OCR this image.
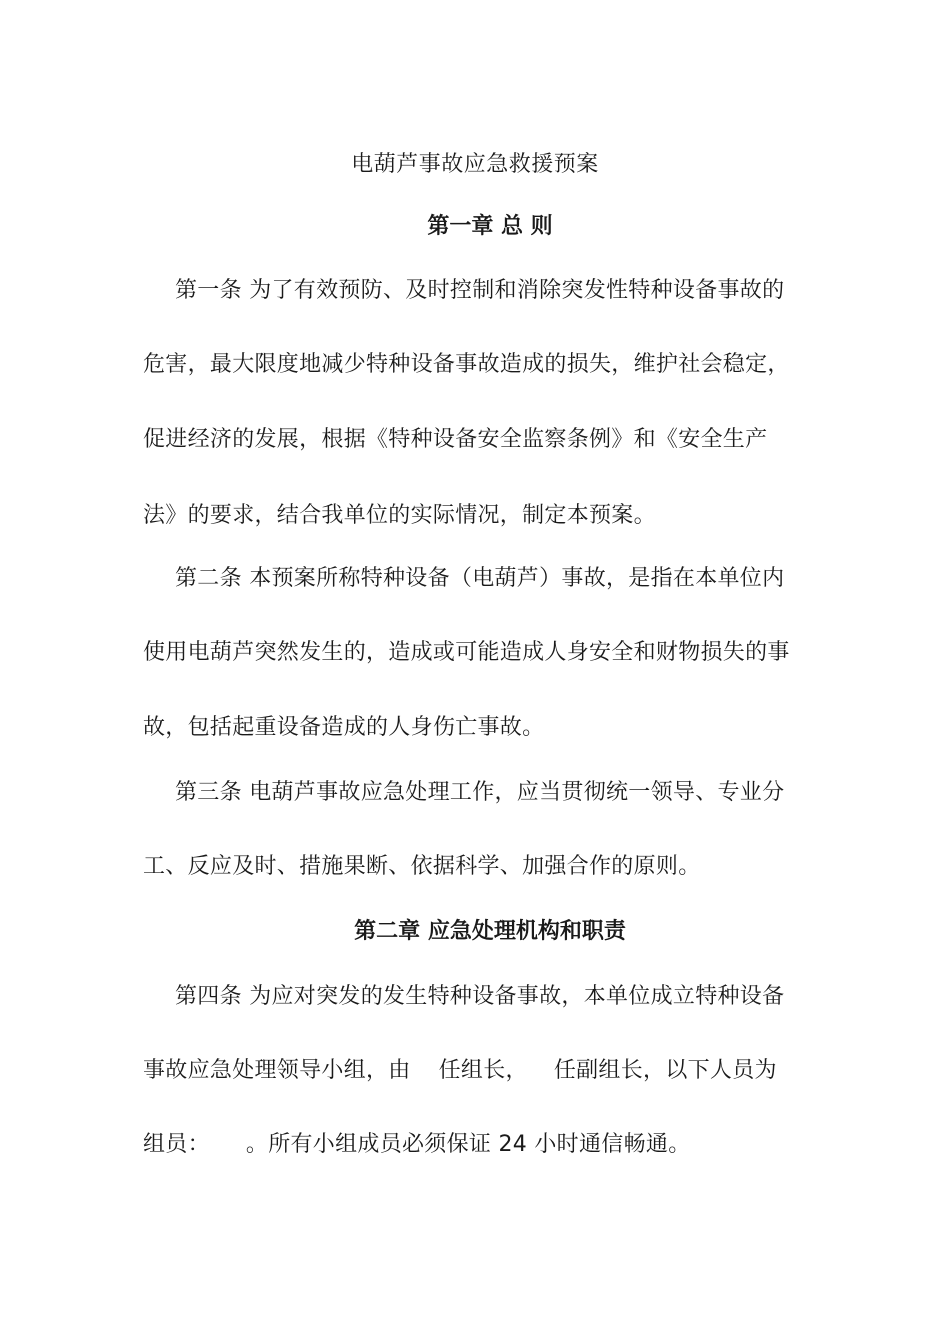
电葫芦事故应急救援预案
第一章 总 则
第一条 为了有效预防、及时控制和消除突发性特种设备事故的
危害，最大限度地减少特种设备事故造成的损失，维护社会稳定，
促进经济的发展，根据《特种设备安全监察条例》和《安全生产
法》的要求，结合我单位的实际情况，制定本预案。
第二条 本预案所称特种设备（电葫芦）事故，是指在本单位内
使用电葫芦突然发生的，造成或可能造成人身安全和财物损失的事
故，包括起重设备造成的人身伤亡事故。
第三条 电葫芦事故应急处理工作，应当贯彻统一领导、专业分
工、反应及时、措施果断、依据科学、加强合作的原则。
第二章 应急处理机构和职责
第四条 为应对突发的发生特种设备事故，本单位成立特种设备
事故应急处理领导小组，由 任组长， 任副组长，以下人员为
组员： 。所有小组成员必须保证 24 小时通信畅通。
